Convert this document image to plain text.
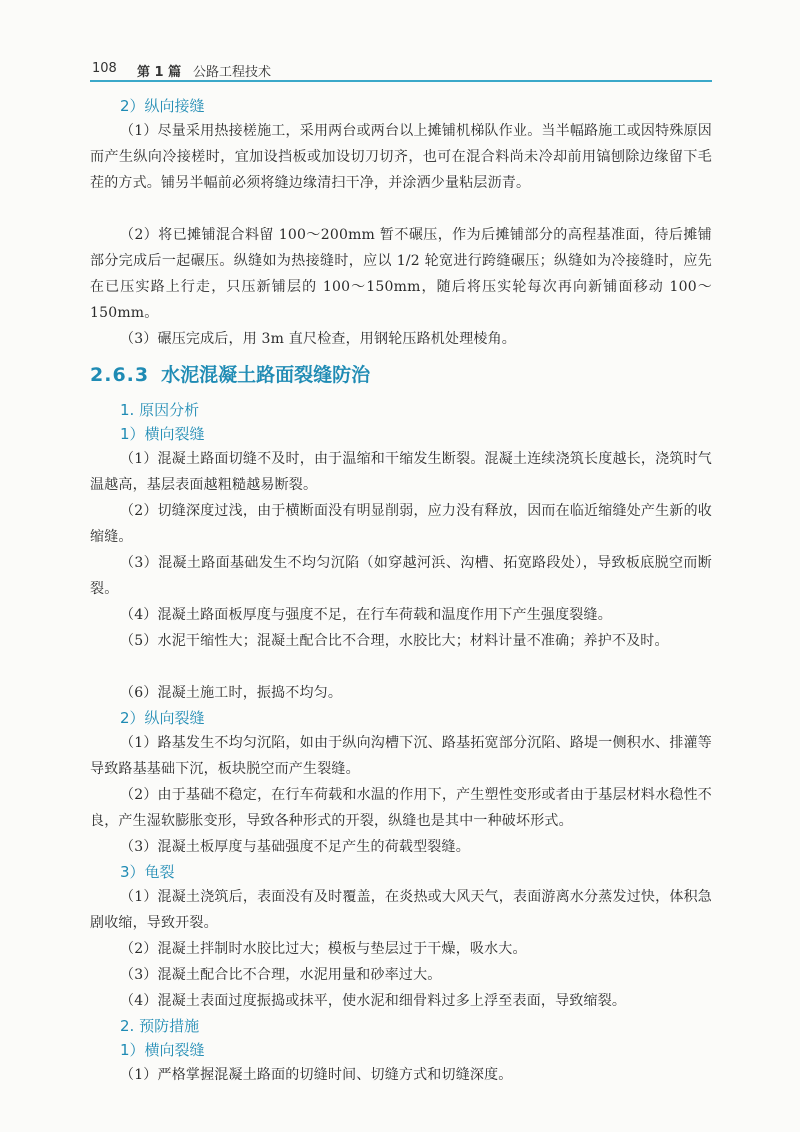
108 第 1 篇 公路工程技术
2）纵向接缝
（1）尽量采用热接槎施工，采用两台或两台以上摊铺机梯队作业。当半幅路施工或因特殊原因而产生纵向冷接槎时，宜加设挡板或加设切刀切齐，也可在混合料尚未冷却前用镐刨除边缘留下毛茬的方式。铺另半幅前必须将缝边缘清扫干净，并涂洒少量粘层沥青。
（2）将已摊铺混合料留 100～200mm 暂不碾压，作为后摊铺部分的高程基准面，待后摊铺部分完成后一起碾压。纵缝如为热接缝时，应以 1/2 轮宽进行跨缝碾压；纵缝如为冷接缝时，应先在已压实路上行走，只压新铺层的 100～150mm，随后将压实轮每次再向新铺面移动 100～150mm。
（3）碾压完成后，用 3m 直尺检查，用钢轮压路机处理棱角。
2.6.3 水泥混凝土路面裂缝防治
1. 原因分析
1）横向裂缝
（1）混凝土路面切缝不及时，由于温缩和干缩发生断裂。混凝土连续浇筑长度越长，浇筑时气温越高，基层表面越粗糙越易断裂。
（2）切缝深度过浅，由于横断面没有明显削弱，应力没有释放，因而在临近缩缝处产生新的收缩缝。
（3）混凝土路面基础发生不均匀沉陷（如穿越河浜、沟槽、拓宽路段处），导致板底脱空而断裂。
（4）混凝土路面板厚度与强度不足，在行车荷载和温度作用下产生强度裂缝。
（5）水泥干缩性大；混凝土配合比不合理，水胶比大；材料计量不准确；养护不及时。
（6）混凝土施工时，振捣不均匀。
2）纵向裂缝
（1）路基发生不均匀沉陷，如由于纵向沟槽下沉、路基拓宽部分沉陷、路堤一侧积水、排灌等导致路基基础下沉，板块脱空而产生裂缝。
（2）由于基础不稳定，在行车荷载和水温的作用下，产生塑性变形或者由于基层材料水稳性不良，产生湿软膨胀变形，导致各种形式的开裂，纵缝也是其中一种破坏形式。
（3）混凝土板厚度与基础强度不足产生的荷载型裂缝。
3）龟裂
（1）混凝土浇筑后，表面没有及时覆盖，在炎热或大风天气，表面游离水分蒸发过快，体积急剧收缩，导致开裂。
（2）混凝土拌制时水胶比过大；模板与垫层过于干燥，吸水大。
（3）混凝土配合比不合理，水泥用量和砂率过大。
（4）混凝土表面过度振捣或抹平，使水泥和细骨料过多上浮至表面，导致缩裂。
2. 预防措施
1）横向裂缝
（1）严格掌握混凝土路面的切缝时间、切缝方式和切缝深度。
